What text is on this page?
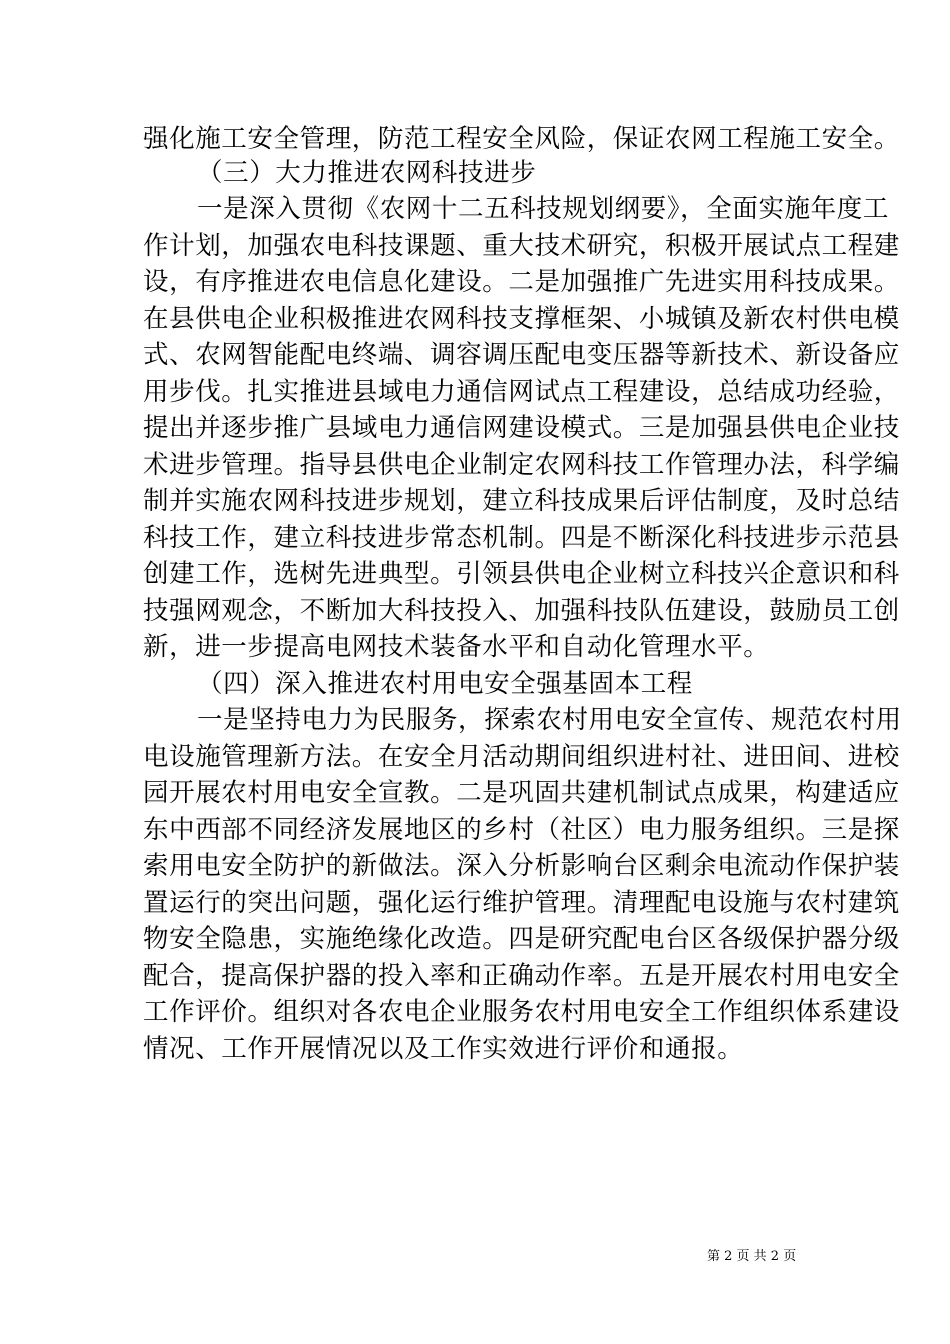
强化施工安全管理，防范工程安全风险，保证农网工程施工安全。
（三）大力推进农网科技进步
一是深入贯彻《农网十二五科技规划纲要》，全面实施年度工
作计划，加强农电科技课题、重大技术研究，积极开展试点工程建
设，有序推进农电信息化建设。二是加强推广先进实用科技成果。
在县供电企业积极推进农网科技支撑框架、小城镇及新农村供电模
式、农网智能配电终端、调容调压配电变压器等新技术、新设备应
用步伐。扎实推进县域电力通信网试点工程建设，总结成功经验，
提出并逐步推广县域电力通信网建设模式。三是加强县供电企业技
术进步管理。指导县供电企业制定农网科技工作管理办法，科学编
制并实施农网科技进步规划，建立科技成果后评估制度，及时总结
科技工作，建立科技进步常态机制。四是不断深化科技进步示范县
创建工作，选树先进典型。引领县供电企业树立科技兴企意识和科
技强网观念，不断加大科技投入、加强科技队伍建设，鼓励员工创
新，进一步提高电网技术装备水平和自动化管理水平。
（四）深入推进农村用电安全强基固本工程
一是坚持电力为民服务，探索农村用电安全宣传、规范农村用
电设施管理新方法。在安全月活动期间组织进村社、进田间、进校
园开展农村用电安全宣教。二是巩固共建机制试点成果，构建适应
东中西部不同经济发展地区的乡村（社区）电力服务组织。三是探
索用电安全防护的新做法。深入分析影响台区剩余电流动作保护装
置运行的突出问题，强化运行维护管理。清理配电设施与农村建筑
物安全隐患，实施绝缘化改造。四是研究配电台区各级保护器分级
配合，提高保护器的投入率和正确动作率。五是开展农村用电安全
工作评价。组织对各农电企业服务农村用电安全工作组织体系建设
情况、工作开展情况以及工作实效进行评价和通报。
第 2 页 共 2 页
